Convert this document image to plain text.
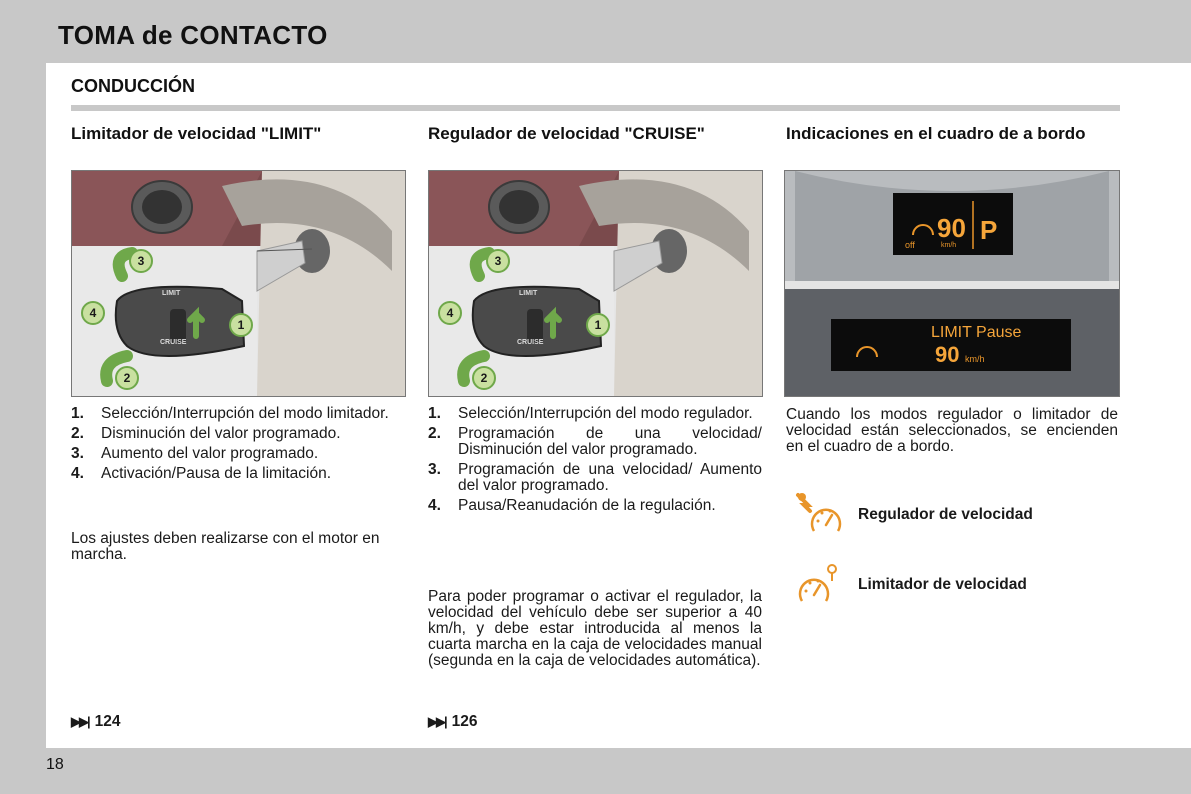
TOMA de CONTACTO
CONDUCCIÓN
Limitador de velocidad "LIMIT"
1
2
3
4
LIMIT
CRUISE
1. Selección/Interrupción del modo limitador.
2. Disminución del valor programado.
3. Aumento del valor programado.
4. Activación/Pausa de la limitación.

Los ajustes deben realizarse con el motor en marcha.

▶▶| 124
Regulador de velocidad "CRUISE"
1
2
3
4
LIMIT
CRUISE
1. Selección/Interrupción del modo regulador.
2. Programación de una velocidad/ Disminución del valor programado.
3. Programación de una velocidad/ Aumento del valor programado.
4. Pausa/Reanudación de la regulación.

Para poder programar o activar el regulador, la velocidad del vehículo debe ser superior a 40 km/h, y debe estar introducida al menos la cuarta marcha en la caja de velocidades manual (segunda en la caja de velocidades automática).

▶▶| 126
Indicaciones en el cuadro de a bordo
off
90
km/h
P
LIMIT Pause
90 km/h

Cuando los modos regulador o limitador de velocidad están seleccionados, se encienden en el cuadro de a bordo.

Regulador de velocidad
Limitador de velocidad
18
